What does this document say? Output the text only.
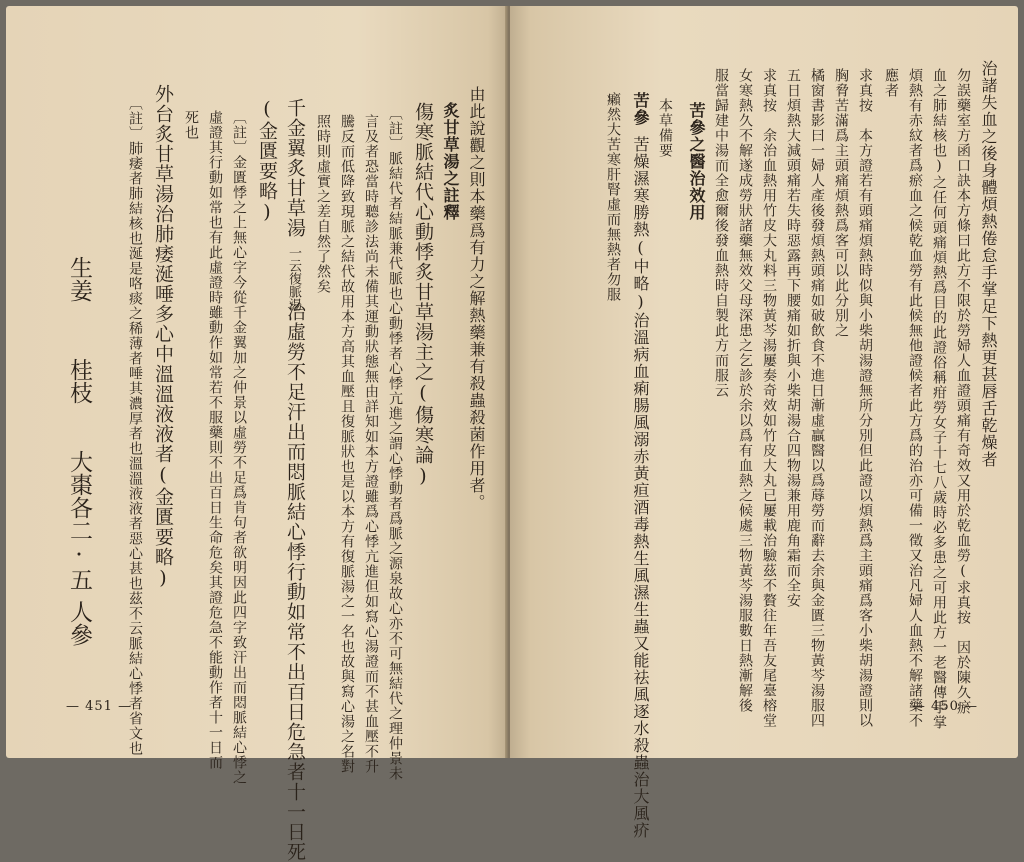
由此說觀之則本藥爲有力之解熱藥兼有殺蟲殺菌作用者。
炙甘草湯之註釋
傷寒脈結代心動悸炙甘草湯主之(傷寒論)
〔註〕脈結代者結脈兼代脈也心動悸者心悸亢進之謂心悸動者爲脈之源泉故心亦不可無結代之理仲景未
言及者恐當時聽診法尚未備其運動狀態無由詳知如本方證雖爲心悸亢進但如寫心湯證而不甚血壓不升
騰反而低降致現脈之結代故用本方高其血壓且復脈狀也是以本方有復脈湯之一名也故與寫心湯之名對
照時則虛實之差自然了然矣
千金翼炙甘草湯
一云復脈湯
治虛勞不足汗出而悶脈結心悸行動如常不出百日危急者十一日死
(金匱要略)
〔註〕金匱悸之上無心字今從千金翼加之仲景以虛勞不足爲肯句者欲明因此四字致汗出而悶脈結心悸之
虛證其行動如常也有此虛證時雖動作如常若不服藥則不出百日生命危矣其證危急不能動作者十一日而
死也
外台炙甘草湯治肺痿涎唾多心中溫溫液液者(金匱要略)
〔註〕肺痿者肺結核也涎是咯痰之稀薄者唾其濃厚者也溫溫液液者惡心甚也茲不云脈結心悸者省文也
生姜
桂枝
大棗各二·五
人參
— 451 —
治諸失血之後身體煩熱倦怠手掌足下熱更甚唇舌乾燥者
勿誤藥室方函口訣本方條曰此方不限於勞婦人血證頭痛有奇效又用於乾血勞(求真按　因於陳久瘀
血之肺結核也)之任何頭痛煩熱爲目的此證俗稱疳勞女子十七八歲時必多患之可用此方一老醫傳手掌
煩熱有赤紋者爲瘀血之候乾血勞有此候無他證候者此方爲的治亦可備一徵又治凡婦人血熱不解諸藥不
應者
求真按　本方證若有頭痛煩熱時似與小柴胡湯證無所分別但此證以煩熱爲主頭痛爲客小柴胡湯證則以
胸脅苦滿爲主頭痛煩熱爲客可以此分別之
橘窗書影曰一婦人產後發煩熱頭痛如破飲食不進日漸虛贏醫以爲蓐勞而辭去余與金匱三物黃芩湯服四
五日煩熱大減頭痛若失時惡露再下腰痛如折與小柴胡湯合四物湯兼用鹿角霜而全安
求真按　余治血熱用竹皮大丸料三物黃芩湯屢奏奇效如竹皮大丸已屢載治驗茲不贅往年吾友尾臺榕堂
女寒熱久不解遂成勞狀諸藥無效父母深患之乞診於余以爲有血熱之候處三物黃芩湯服數日熱漸解後
服當歸建中湯而全愈爾後發血熱時自製此方而服云
苦參之醫治效用
本草備要
苦參
苦燥濕寒勝熱(中略)治溫病血痢腸風溺赤黃疸酒毒熱生風濕生蟲又能祛風逐水殺蟲治大風疥
癩然大苦寒肝腎虛而無熱者勿服
— 450 —
